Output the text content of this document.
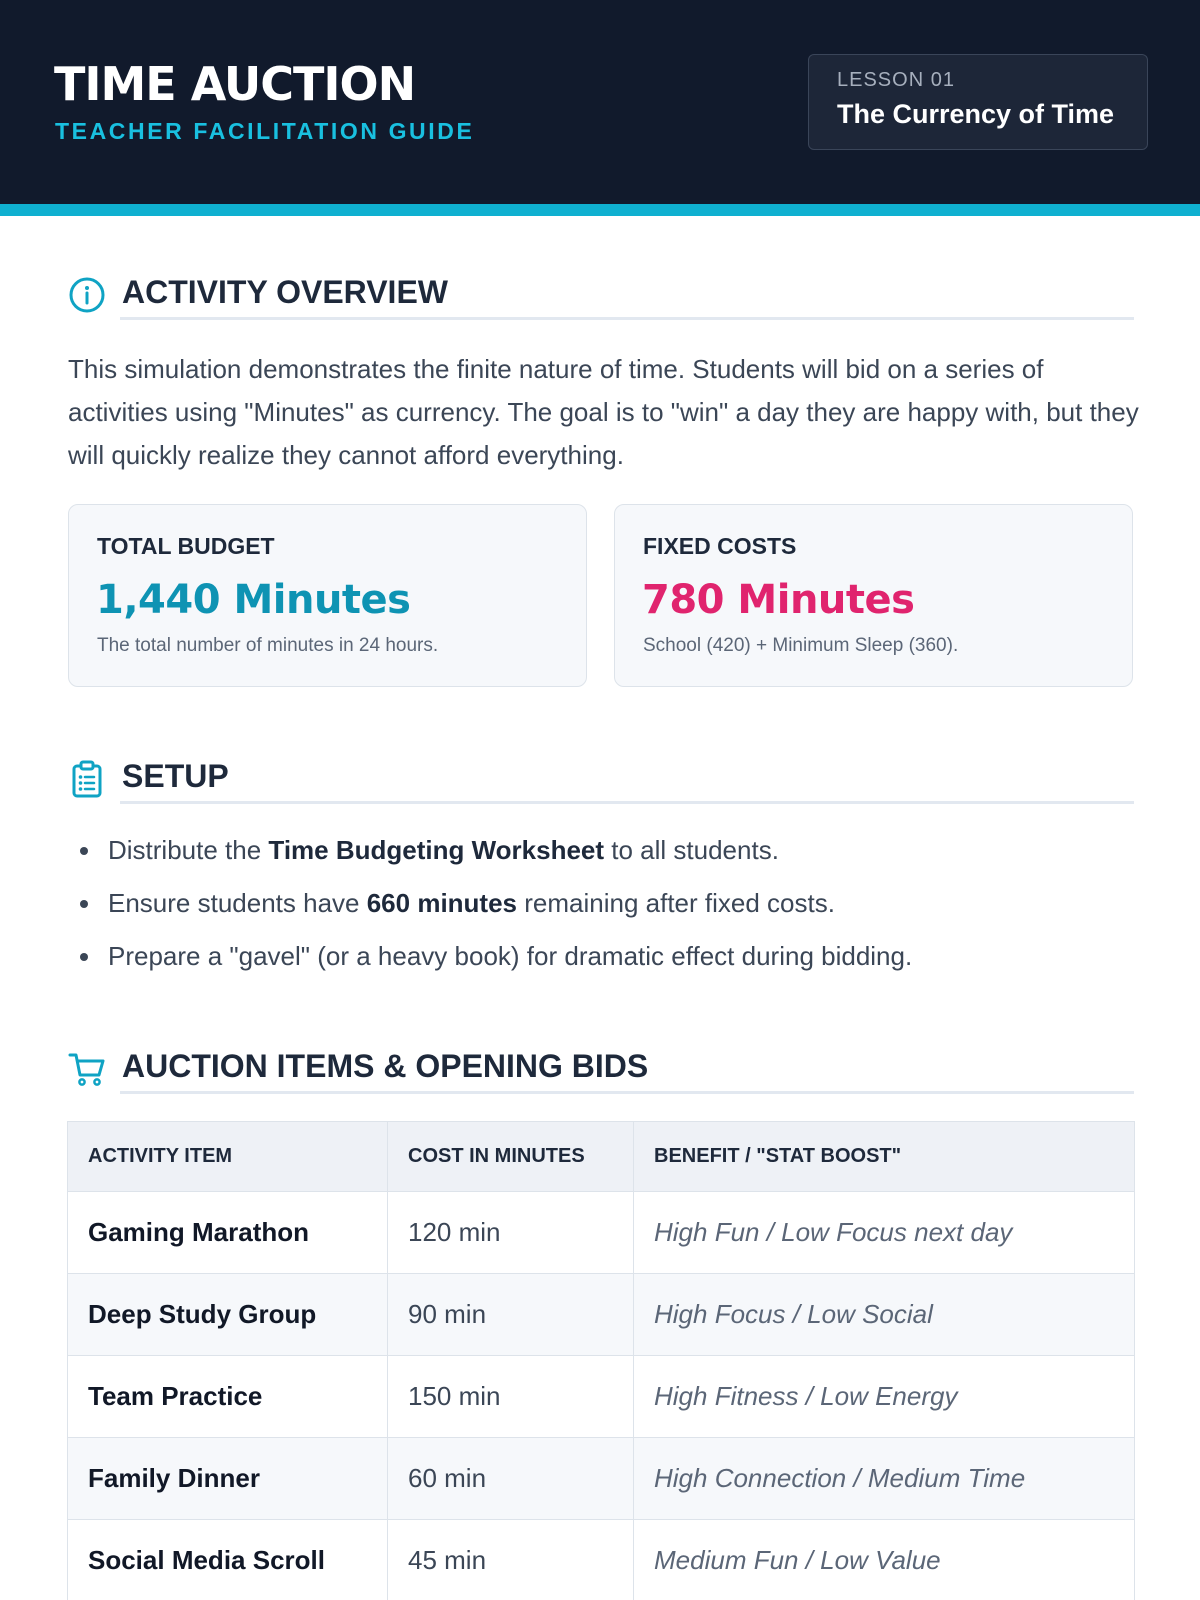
TIME AUCTION
TEACHER FACILITATION GUIDE
LESSON 01
The Currency of Time
ACTIVITY OVERVIEW

This simulation demonstrates the finite nature of time. Students will bid on a series of activities using "Minutes" as currency. The goal is to "win" a day they are happy with, but they will quickly realize they cannot afford everything.

TOTAL BUDGET
1,440 Minutes
The total number of minutes in 24 hours.
FIXED COSTS
780 Minutes
School (420) + Minimum Sleep (360).
SETUP
Distribute the Time Budgeting Worksheet to all students.
Ensure students have 660 minutes remaining after fixed costs.
Prepare a "gavel" (or a heavy book) for dramatic effect during bidding.
AUCTION ITEMS & OPENING BIDS
ACTIVITY ITEM	COST IN MINUTES	BENEFIT / "STAT BOOST"
Gaming Marathon	120 min	High Fun / Low Focus next day
Deep Study Group	90 min	High Focus / Low Social
Team Practice	150 min	High Fitness / Low Energy
Family Dinner	60 min	High Connection / Medium Time
Social Media Scroll	45 min	Medium Fun / Low Value
